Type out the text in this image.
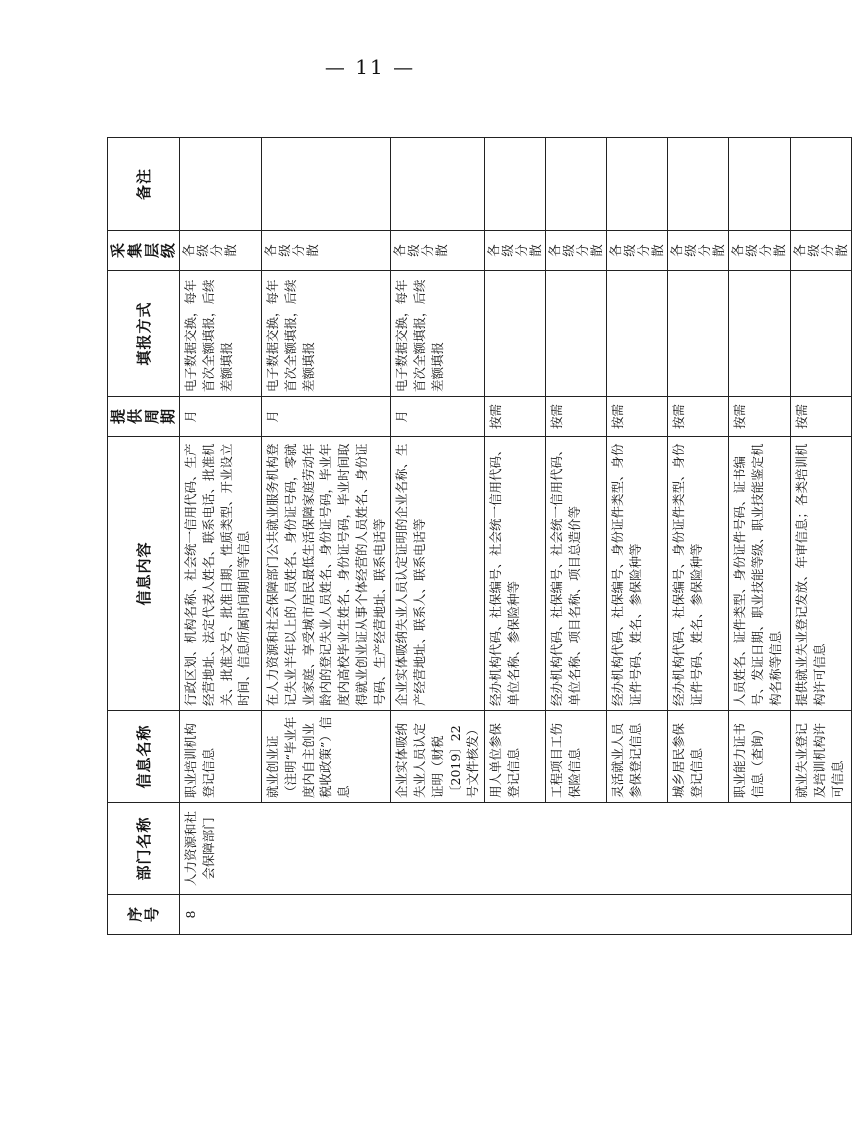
序号	部门名称	信息名称	信息内容	提供周期	填报方式	采集层级	备注
8	人力资源和社会保障部门	职业培训机构登记信息	行政区划、机构名称、社会统一信用代码、生产经营地址、法定代表人姓名、联系电话、批准机关、批准文号、批准日期、性质类型、开业设立时间、信息所属时间期间等信息	月	电子数据交换，每年首次全额填报，后续差额填报	各级分散	

		就业创业证（注明“毕业年度内自主创业税收政策”）信息	在人力资源和社会保障部门公共就业服务机构登记失业半年以上的人员姓名、身份证号码，零就业家庭、享受城市居民最低生活保障家庭劳动年龄内的登记失业人员姓名、身份证号码，毕业年度内高校毕业生姓名、身份证号码，毕业时间取得就业创业证从事个体经营的人员姓名、身份证号码、生产经营地址、联系电话等	月	电子数据交换，每年首次全额填报，后续差额填报	各级分散	

		企业实体吸纳失业人员认定证明（财税〔2019〕22号文件核发）	企业实体吸纳失业人员认定证明的企业名称、生产经营地址、联系人、联系电话等	月	电子数据交换，每年首次全额填报，后续差额填报	各级分散	

		用人单位参保登记信息	经办机构代码、社保编号、社会统一信用代码、单位名称、参保险种等	按需		各级分散	

		工程项目工伤保险信息	经办机构代码、社保编号、社会统一信用代码、单位名称、项目名称、项目总造价等	按需		各级分散	

		灵活就业人员参保登记信息	经办机构代码、社保编号、身份证件类型、身份证件号码、姓名、参保险种等	按需		各级分散	

		城乡居民参保登记信息	经办机构代码、社保编号、身份证件类型、身份证件号码、姓名、参保险种等	按需		各级分散	

		职业能力证书信息（查询）	人员姓名、证件类型、身份证件号码、证书编号、发证日期、职业技能等级、职业技能鉴定机构名称等信息	按需		各级分散	

		就业失业登记及培训机构许可信息	提供就业失业登记发放、年审信息；各类培训机构许可信息	按需		各级分散	

— 11 —
